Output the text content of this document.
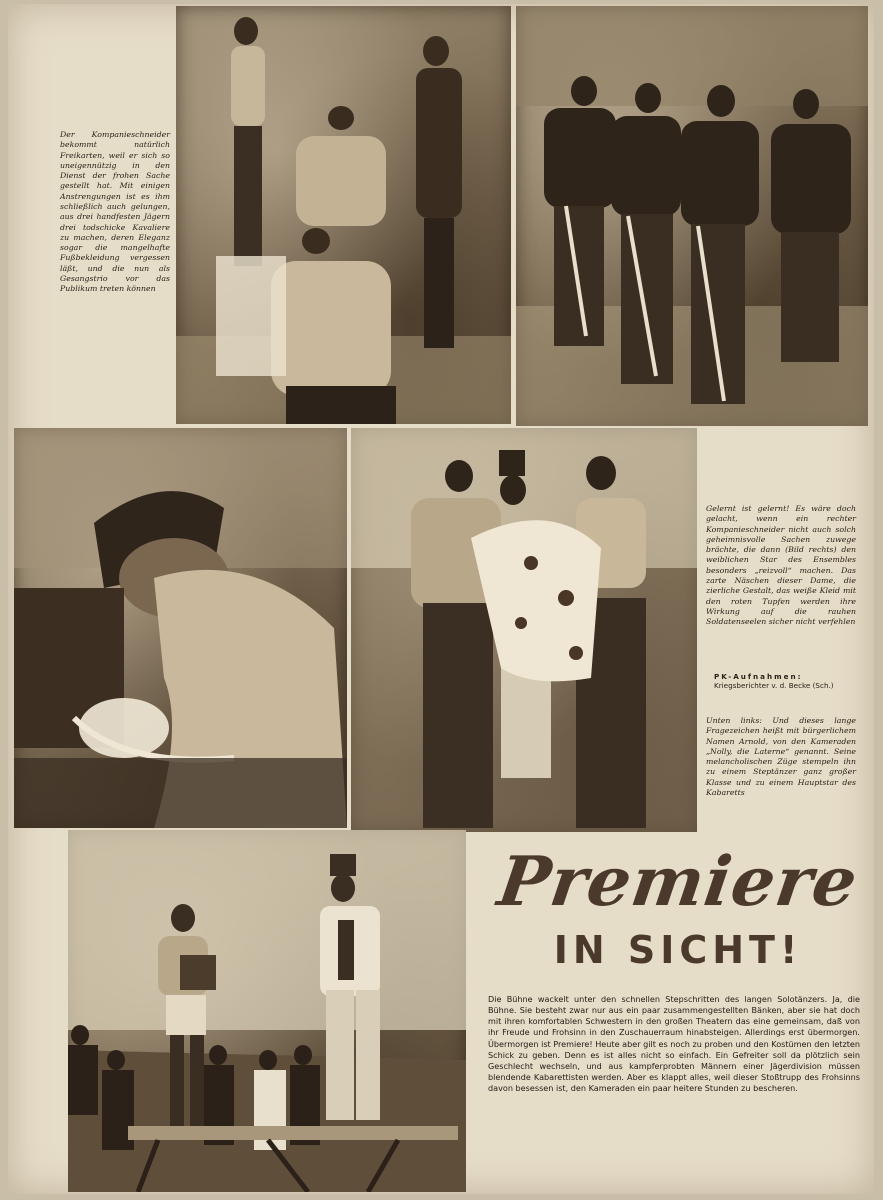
Der Kompanieschneider bekommt natürlich Freikarten, weil er sich so uneigennützig in den Dienst der frohen Sache gestellt hat. Mit einigen Anstrengungen ist es ihm schließlich auch gelungen, aus drei handfesten Jägern drei todschicke Kavaliere zu machen, deren Eleganz sogar die mangelhafte Fußbekleidung vergessen läßt, und die nun als Gesangstrio vor das Publikum treten können

Gelernt ist gelernt! Es wäre doch gelacht, wenn ein rechter Kompanieschneider nicht auch solch geheimnisvolle Sachen zuwege brächte, die dann (Bild rechts) den weiblichen Star des Ensembles besonders „reizvoll“ machen. Das zarte Näschen dieser Dame, die zierliche Gestalt, das weiße Kleid mit den roten Tupfen werden ihre Wirkung auf die rauhen Soldatenseelen sicher nicht verfehlen

PK-Aufnahmen:
Kriegsberichter v. d. Becke (Sch.)

Unten links: Und dieses lange Fragezeichen heißt mit bürgerlichem Namen Arnold, von den Kameraden „Nolly, die Laterne“ genannt. Seine melancholischen Züge stempeln ihn zu einem Steptänzer ganz großer Klasse und zu einem Hauptstar des Kabaretts

Premiere
IN SICHT!

Die Bühne wackelt unter den schnellen Stepschritten des langen Solotänzers. Ja, die Bühne. Sie besteht zwar nur aus ein paar zusammengestellten Bänken, aber sie hat doch mit ihren komfortablen Schwestern in den großen Theatern das eine gemeinsam, daß von ihr Freude und Frohsinn in den Zuschauerraum hinabsteigen. Allerdings erst übermorgen. Übermorgen ist Premiere! Heute aber gilt es noch zu proben und den Kostümen den letzten Schick zu geben. Denn es ist alles nicht so einfach. Ein Gefreiter soll da plötzlich sein Geschlecht wechseln, und aus kampferprobten Männern einer Jägerdivision müssen blendende Kabarettisten werden. Aber es klappt alles, weil dieser Stoßtrupp des Frohsinns davon besessen ist, den Kameraden ein paar heitere Stunden zu bescheren.
